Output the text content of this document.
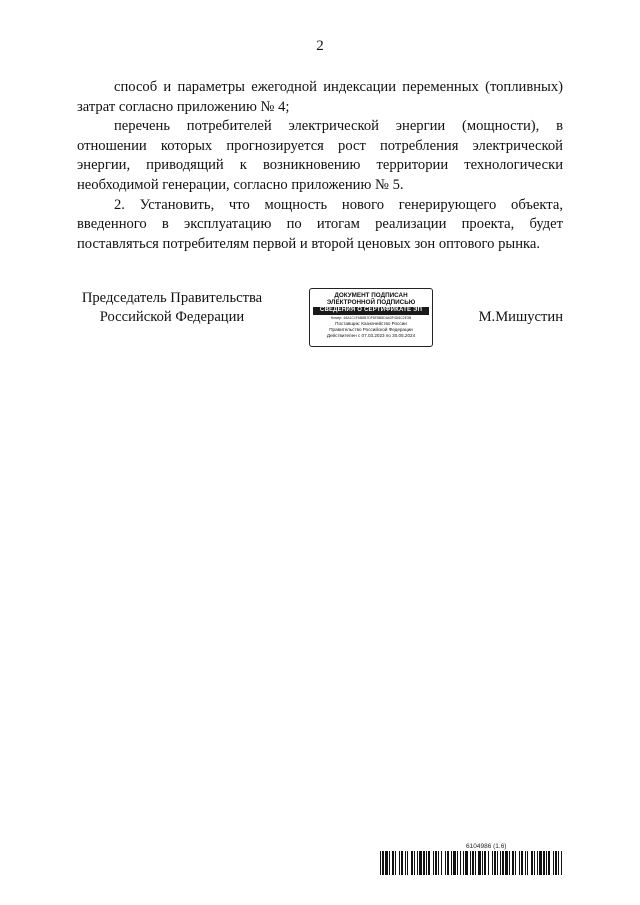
2

способ и параметры ежегодной индексации переменных (топливных) затрат согласно приложению № 4;

перечень потребителей электрической энергии (мощности), в отношении которых прогнозируется рост потребления электрической энергии, приводящий к возникновению территории технологически необходимой генерации, согласно приложению № 5.

2. Установить, что мощность нового генерирующего объекта, введенного в эксплуатацию по итогам реализации проекта, будет поставляться потребителям первой и второй ценовых зон оптового рынка.

Председатель Правительства
Российской Федерации
ДОКУМЕНТ ПОДПИСАН
ЭЛЕКТРОННОЙ ПОДПИСЬЮ
СВЕДЕНИЯ О СЕРТИФИКАТЕ ЭП
Номер: 46A1C1F6B8B7DF8F8B8DA63F4D6C2E3B
Поставщик: Казначейство России
Правительство Российской Федерации
Действителен с 07.03.2023 по 30.05.2024
М.Мишустин
6104986 (1.6)
